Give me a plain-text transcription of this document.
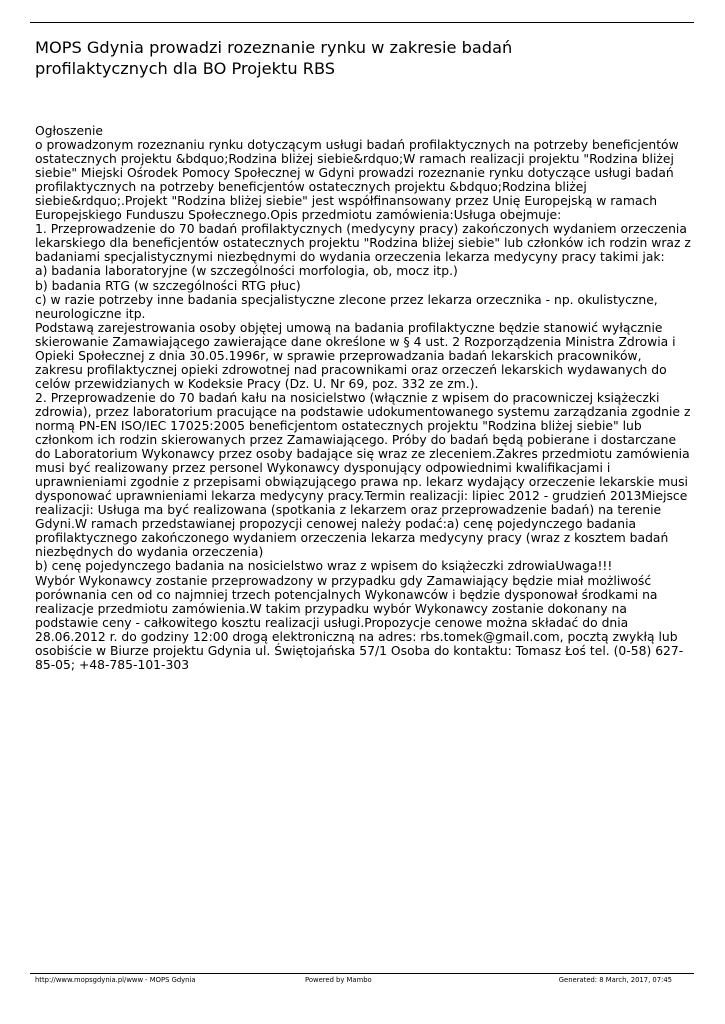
MOPS Gdynia prowadzi rozeznanie rynku w zakresie badań
profilaktycznych dla BO Projektu RBS
Ogłoszenie
o prowadzonym rozeznaniu rynku dotyczącym usługi badań profilaktycznych na potrzeby beneficjentów
ostatecznych projektu &bdquo;Rodzina bliżej siebie&rdquo;W ramach realizacji projektu "Rodzina bliżej
siebie" Miejski Ośrodek Pomocy Społecznej w Gdyni prowadzi rozeznanie rynku dotyczące usługi badań
profilaktycznych na potrzeby beneficjentów ostatecznych projektu &bdquo;Rodzina bliżej
siebie&rdquo;.Projekt "Rodzina bliżej siebie" jest współfinansowany przez Unię Europejską w ramach
Europejskiego Funduszu Społecznego.Opis przedmiotu zamówienia:Usługa obejmuje:
1. Przeprowadzenie do 70 badań profilaktycznych (medycyny pracy) zakończonych wydaniem orzeczenia
lekarskiego dla beneficjentów ostatecznych projektu "Rodzina bliżej siebie" lub członków ich rodzin wraz z
badaniami specjalistycznymi niezbędnymi do wydania orzeczenia lekarza medycyny pracy takimi jak:
a) badania laboratoryjne (w szczególności morfologia, ob, mocz itp.)
b) badania RTG (w szczególności RTG płuc)
c) w razie potrzeby inne badania specjalistyczne zlecone przez lekarza orzecznika - np. okulistyczne,
neurologiczne itp.
Podstawą zarejestrowania osoby objętej umową na badania profilaktyczne będzie stanowić wyłącznie
skierowanie Zamawiającego zawierające dane określone w § 4 ust. 2 Rozporządzenia Ministra Zdrowia i
Opieki Społecznej z dnia 30.05.1996r, w sprawie przeprowadzania badań lekarskich pracowników,
zakresu profilaktycznej opieki zdrowotnej nad pracownikami oraz orzeczeń lekarskich wydawanych do
celów przewidzianych w Kodeksie Pracy (Dz. U. Nr 69, poz. 332 ze zm.).
2. Przeprowadzenie do 70 badań kału na nosicielstwo (włącznie z wpisem do pracowniczej książeczki
zdrowia), przez laboratorium pracujące na podstawie udokumentowanego systemu zarządzania zgodnie z
normą PN-EN ISO/IEC 17025:2005 beneficjentom ostatecznych projektu "Rodzina bliżej siebie" lub
członkom ich rodzin skierowanych przez Zamawiającego. Próby do badań będą pobierane i dostarczane
do Laboratorium Wykonawcy przez osoby badające się wraz ze zleceniem.Zakres przedmiotu zamówienia
musi być realizowany przez personel Wykonawcy dysponujący odpowiednimi kwalifikacjami i
uprawnieniami zgodnie z przepisami obwiązującego prawa np. lekarz wydający orzeczenie lekarskie musi
dysponować uprawnieniami lekarza medycyny pracy.Termin realizacji: lipiec 2012 - grudzień 2013Miejsce
realizacji: Usługa ma być realizowana (spotkania z lekarzem oraz przeprowadzenie badań) na terenie
Gdyni.W ramach przedstawianej propozycji cenowej należy podać:a) cenę pojedynczego badania
profilaktycznego zakończonego wydaniem orzeczenia lekarza medycyny pracy (wraz z kosztem badań
niezbędnych do wydania orzeczenia)
b) cenę pojedynczego badania na nosicielstwo wraz z wpisem do książeczki zdrowiaUwaga!!!
Wybór Wykonawcy zostanie przeprowadzony w przypadku gdy Zamawiający będzie miał możliwość
porównania cen od co najmniej trzech potencjalnych Wykonawców i będzie dysponował środkami na
realizacje przedmiotu zamówienia.W takim przypadku wybór Wykonawcy zostanie dokonany na
podstawie ceny - całkowitego kosztu realizacji usługi.Propozycje cenowe można składać do dnia
28.06.2012 r. do godziny 12:00 drogą elektroniczną na adres: rbs.tomek@gmail.com, pocztą zwykłą lub
osobiście w Biurze projektu Gdynia ul. Świętojańska 57/1 Osoba do kontaktu: Tomasz Łoś tel. (0-58) 627-
85-05; +48-785-101-303
http://www.mopsgdynia.pl/www - MOPS Gdynia	Powered by Mambo	Generated: 8 March, 2017, 07:45
